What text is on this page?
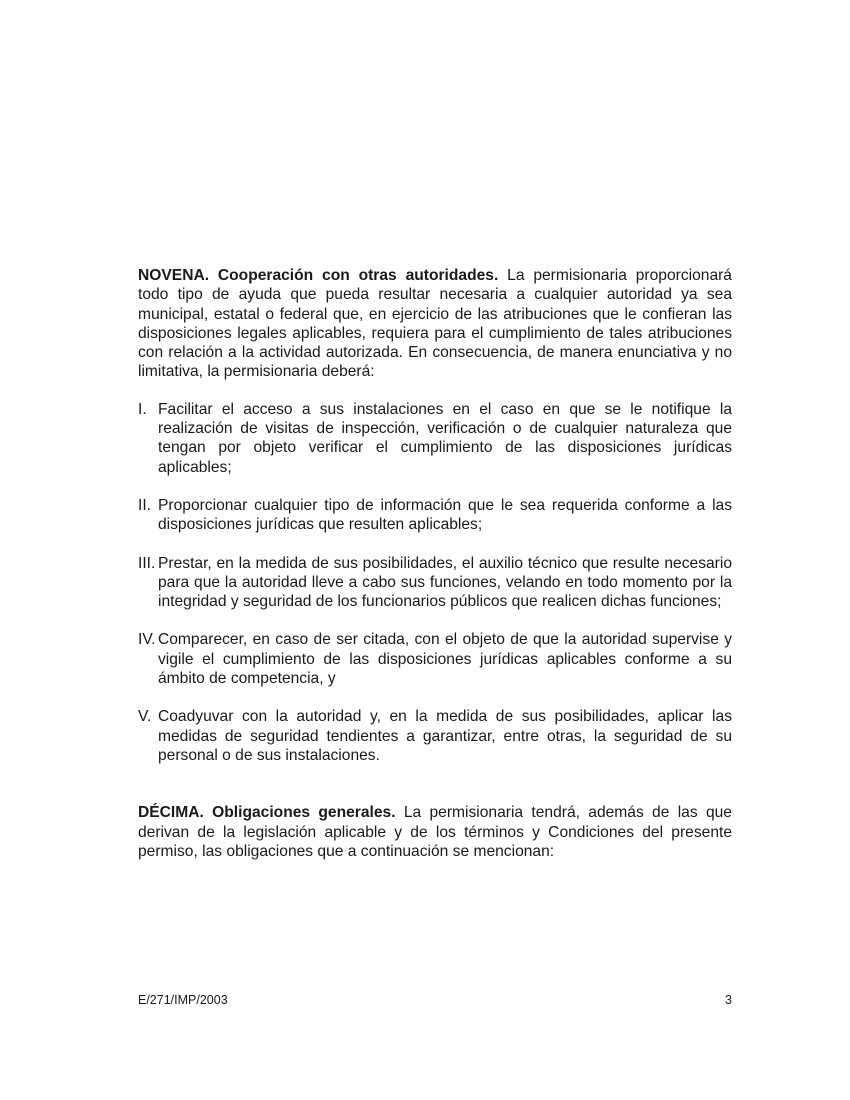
NOVENA. Cooperación con otras autoridades. La permisionaria proporcionará todo tipo de ayuda que pueda resultar necesaria a cualquier autoridad ya sea municipal, estatal o federal que, en ejercicio de las atribuciones que le confieran las disposiciones legales aplicables, requiera para el cumplimiento de tales atribuciones con relación a la actividad autorizada. En consecuencia, de manera enunciativa y no limitativa, la permisionaria deberá:

I. Facilitar el acceso a sus instalaciones en el caso en que se le notifique la realización de visitas de inspección, verificación o de cualquier naturaleza que tengan por objeto verificar el cumplimiento de las disposiciones jurídicas aplicables;
II. Proporcionar cualquier tipo de información que le sea requerida conforme a las disposiciones jurídicas que resulten aplicables;
III. Prestar, en la medida de sus posibilidades, el auxilio técnico que resulte necesario para que la autoridad lleve a cabo sus funciones, velando en todo momento por la integridad y seguridad de los funcionarios públicos que realicen dichas funciones;
IV. Comparecer, en caso de ser citada, con el objeto de que la autoridad supervise y vigile el cumplimiento de las disposiciones jurídicas aplicables conforme a su ámbito de competencia, y
V. Coadyuvar con la autoridad y, en la medida de sus posibilidades, aplicar las medidas de seguridad tendientes a garantizar, entre otras, la seguridad de su personal o de sus instalaciones.

DÉCIMA. Obligaciones generales. La permisionaria tendrá, además de las que derivan de la legislación aplicable y de los términos y Condiciones del presente permiso, las obligaciones que a continuación se mencionan:

E/271/IMP/2003	3
